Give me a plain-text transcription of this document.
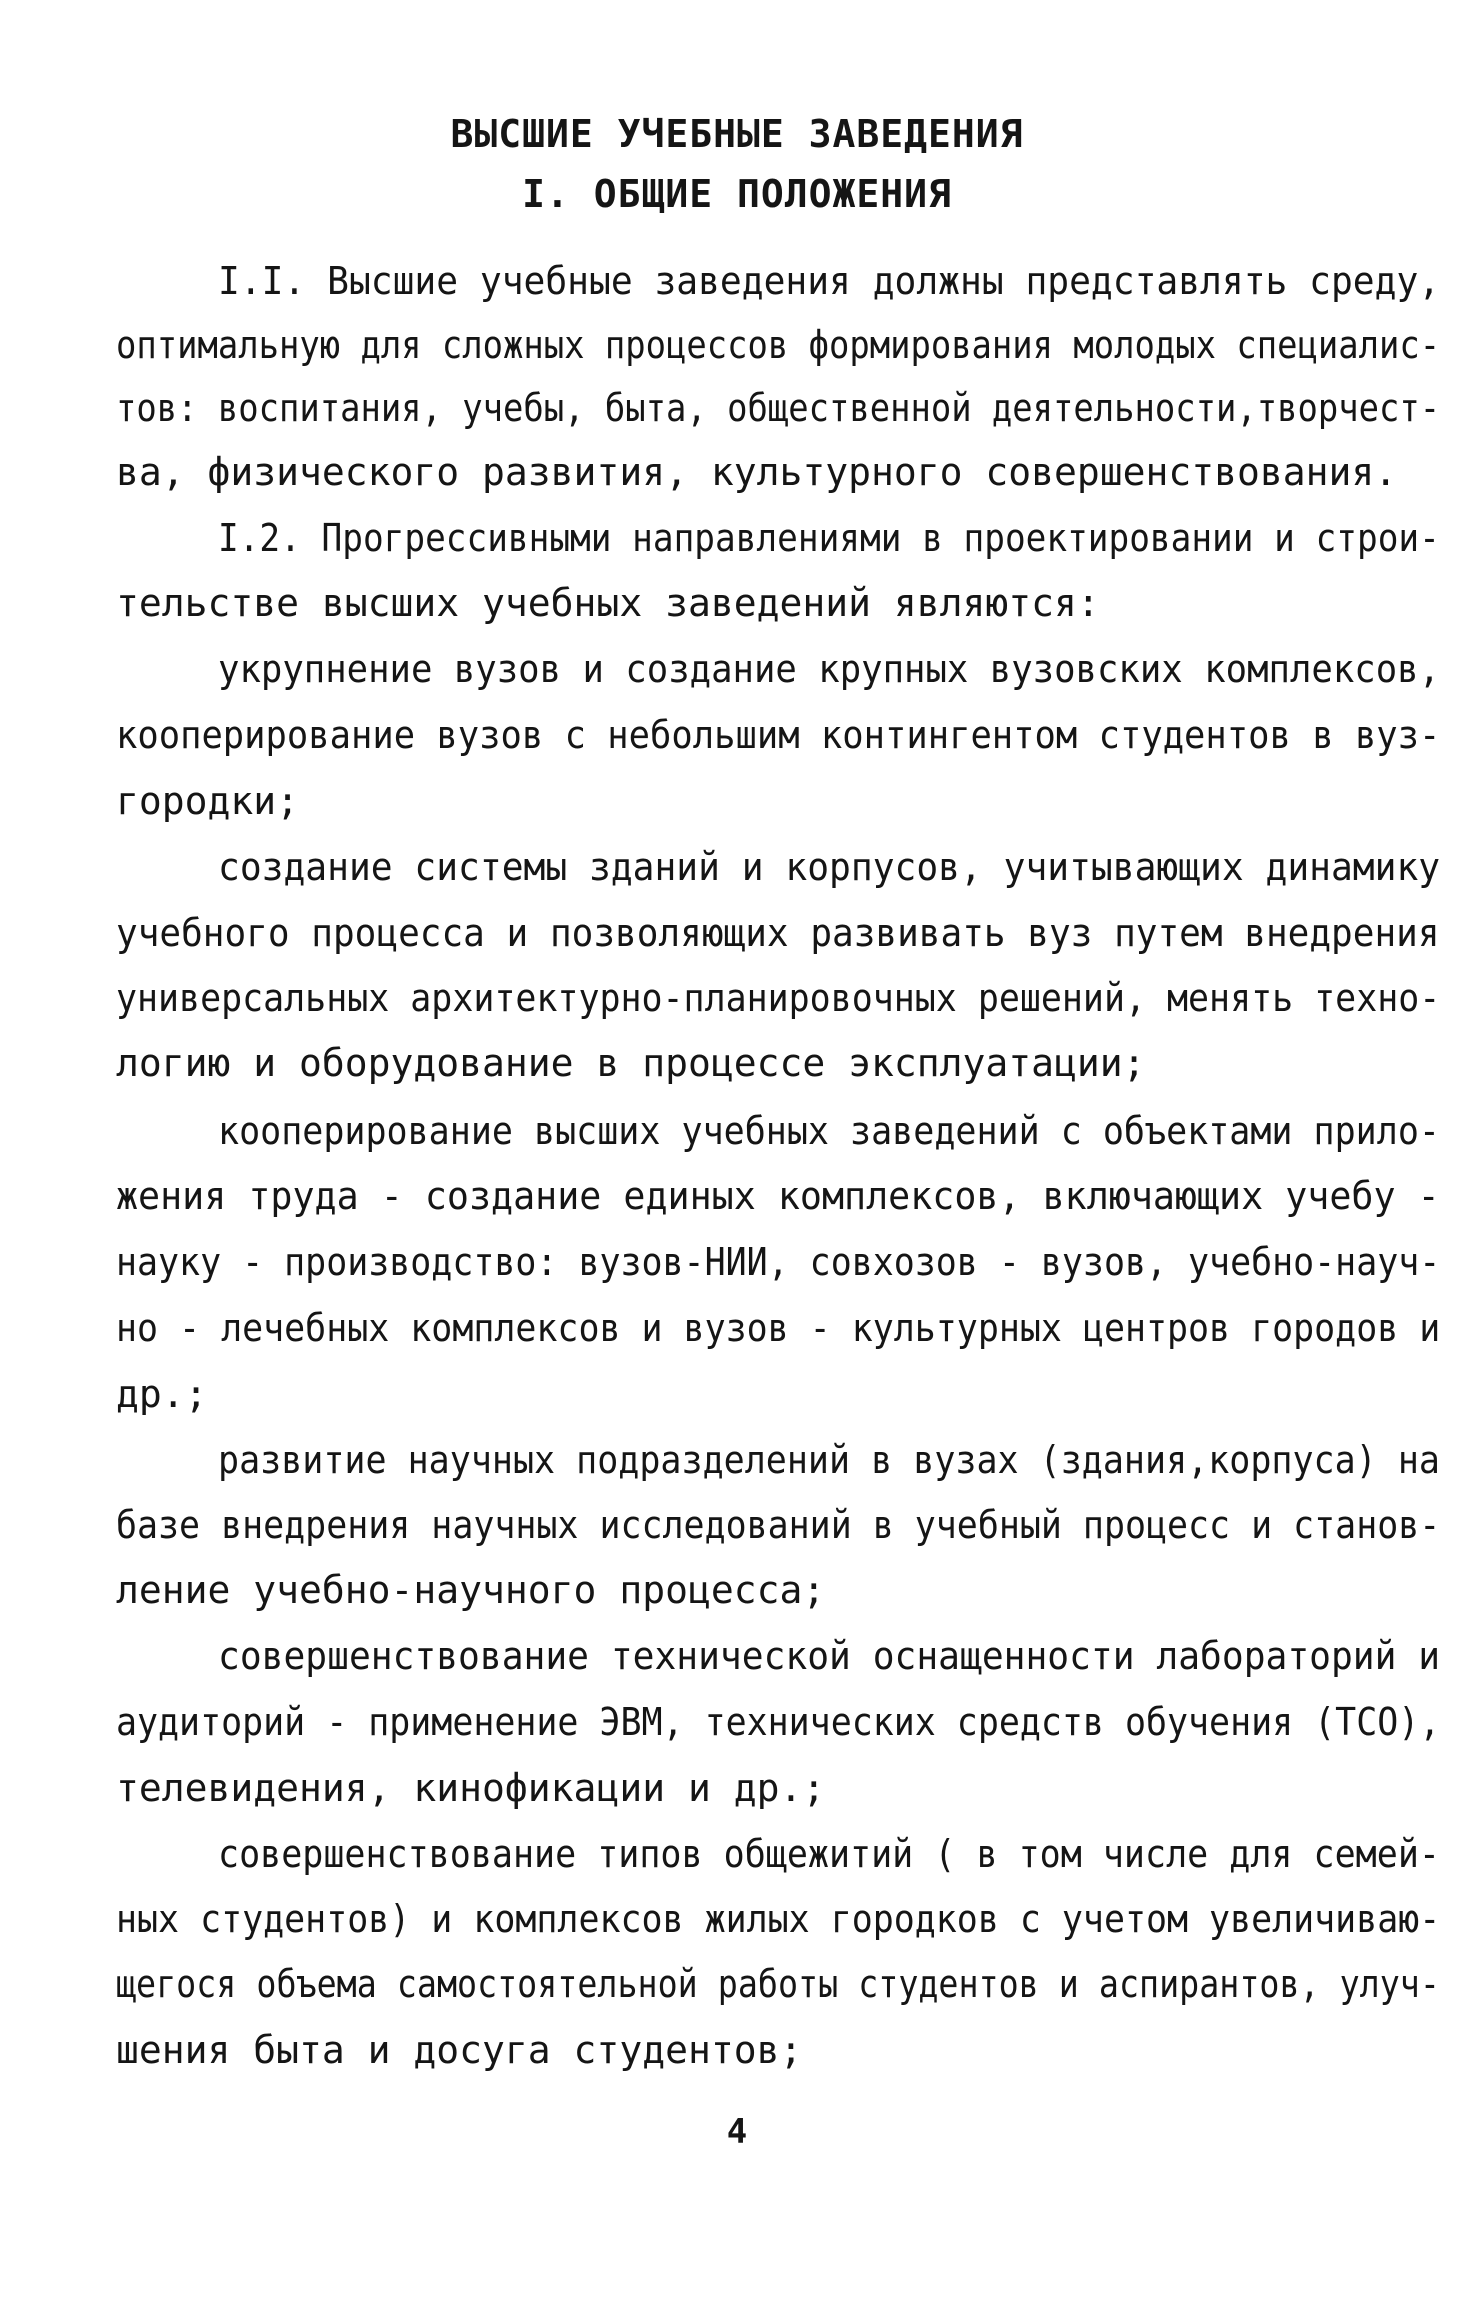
ВЫСШИЕ УЧЕБНЫЕ ЗАВЕДЕНИЯ
I. ОБЩИЕ ПОЛОЖЕНИЯ
I.I. Высшие учебные заведения должны представлять среду,
оптимальную для сложных процессов формирования молодых специалис-
тов: воспитания, учебы, быта, общественной деятельности,творчест-
ва, физического развития, культурного совершенствования.
I.2. Прогрессивными направлениями в проектировании и строи-
тельстве высших учебных заведений являются:
укрупнение вузов и создание крупных вузовских комплексов,
кооперирование вузов с небольшим контингентом студентов в вуз-
городки;
создание системы зданий и корпусов, учитывающих динамику
учебного процесса и позволяющих развивать вуз путем внедрения
универсальных архитектурно-планировочных решений, менять техно-
логию и оборудование в процессе эксплуатации;
кооперирование высших учебных заведений с объектами прило-
жения труда - создание единых комплексов, включающих учебу -
науку - производство: вузов-НИИ, совхозов - вузов, учебно-науч-
но - лечебных комплексов и вузов - культурных центров городов и
др.;
развитие научных подразделений в вузах (здания,корпуса) на
базе внедрения научных исследований в учебный процесс и станов-
ление учебно-научного процесса;
совершенствование технической оснащенности лабораторий и
аудиторий - применение ЭВМ, технических средств обучения (ТСО),
телевидения, кинофикации и др.;
совершенствование типов общежитий ( в том числе для семей-
ных студентов) и комплексов жилых городков с учетом увеличиваю-
щегося объема самостоятельной работы студентов и аспирантов, улуч-
шения быта и досуга студентов;
4
